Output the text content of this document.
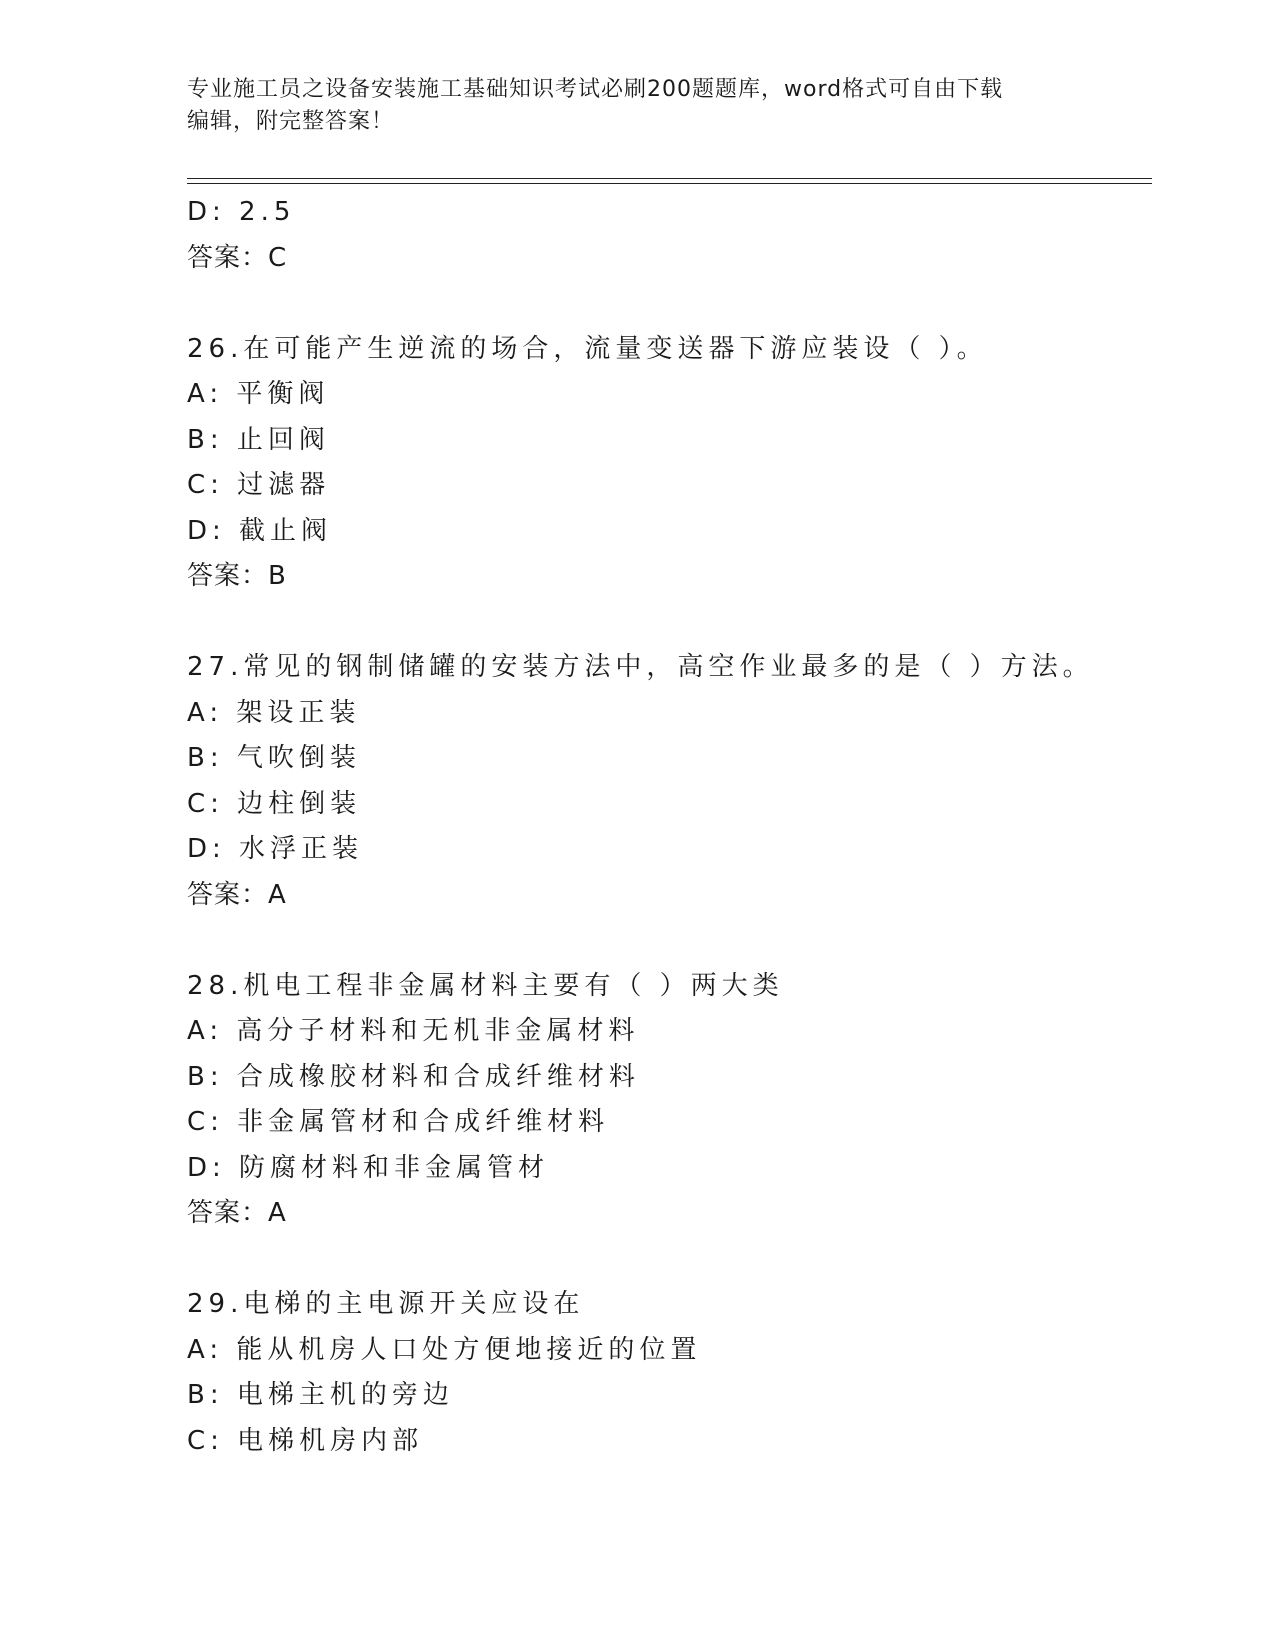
专业施工员之设备安装施工基础知识考试必刷200题题库，word格式可自由下载
编辑，附完整答案！
D: 2.5
答案：C
26.在可能产生逆流的场合，流量变送器下游应装设（ ）。
A: 平衡阀
B: 止回阀
C: 过滤器
D: 截止阀
答案：B
27.常见的钢制储罐的安装方法中，高空作业最多的是（ ）方法。
A: 架设正装
B: 气吹倒装
C: 边柱倒装
D: 水浮正装
答案：A
28.机电工程非金属材料主要有（ ）两大类
A: 高分子材料和无机非金属材料
B: 合成橡胶材料和合成纤维材料
C: 非金属管材和合成纤维材料
D: 防腐材料和非金属管材
答案：A
29.电梯的主电源开关应设在
A: 能从机房人口处方便地接近的位置
B: 电梯主机的旁边
C: 电梯机房内部
